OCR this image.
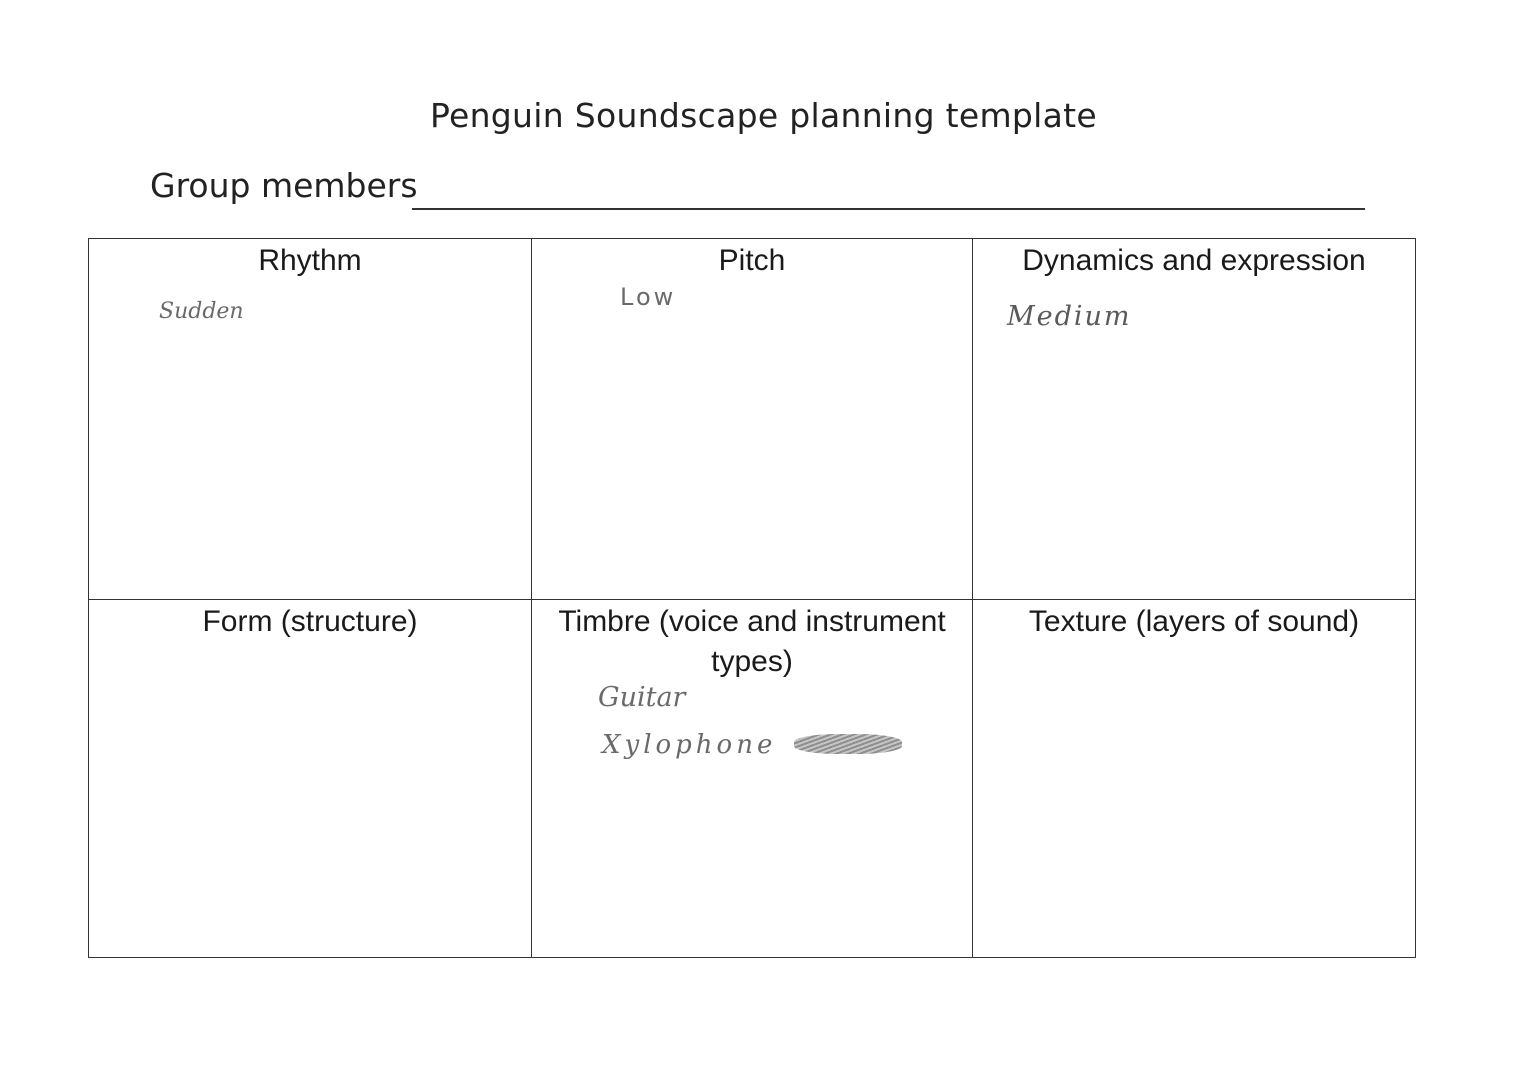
Penguin Soundscape planning template
Group members
Rhythm
Sudden
Pitch
Low
Dynamics and expression
Medium
Form (structure)	Timbre (voice and instrument types)
Guitar
Xylophone
Texture (layers of sound)
